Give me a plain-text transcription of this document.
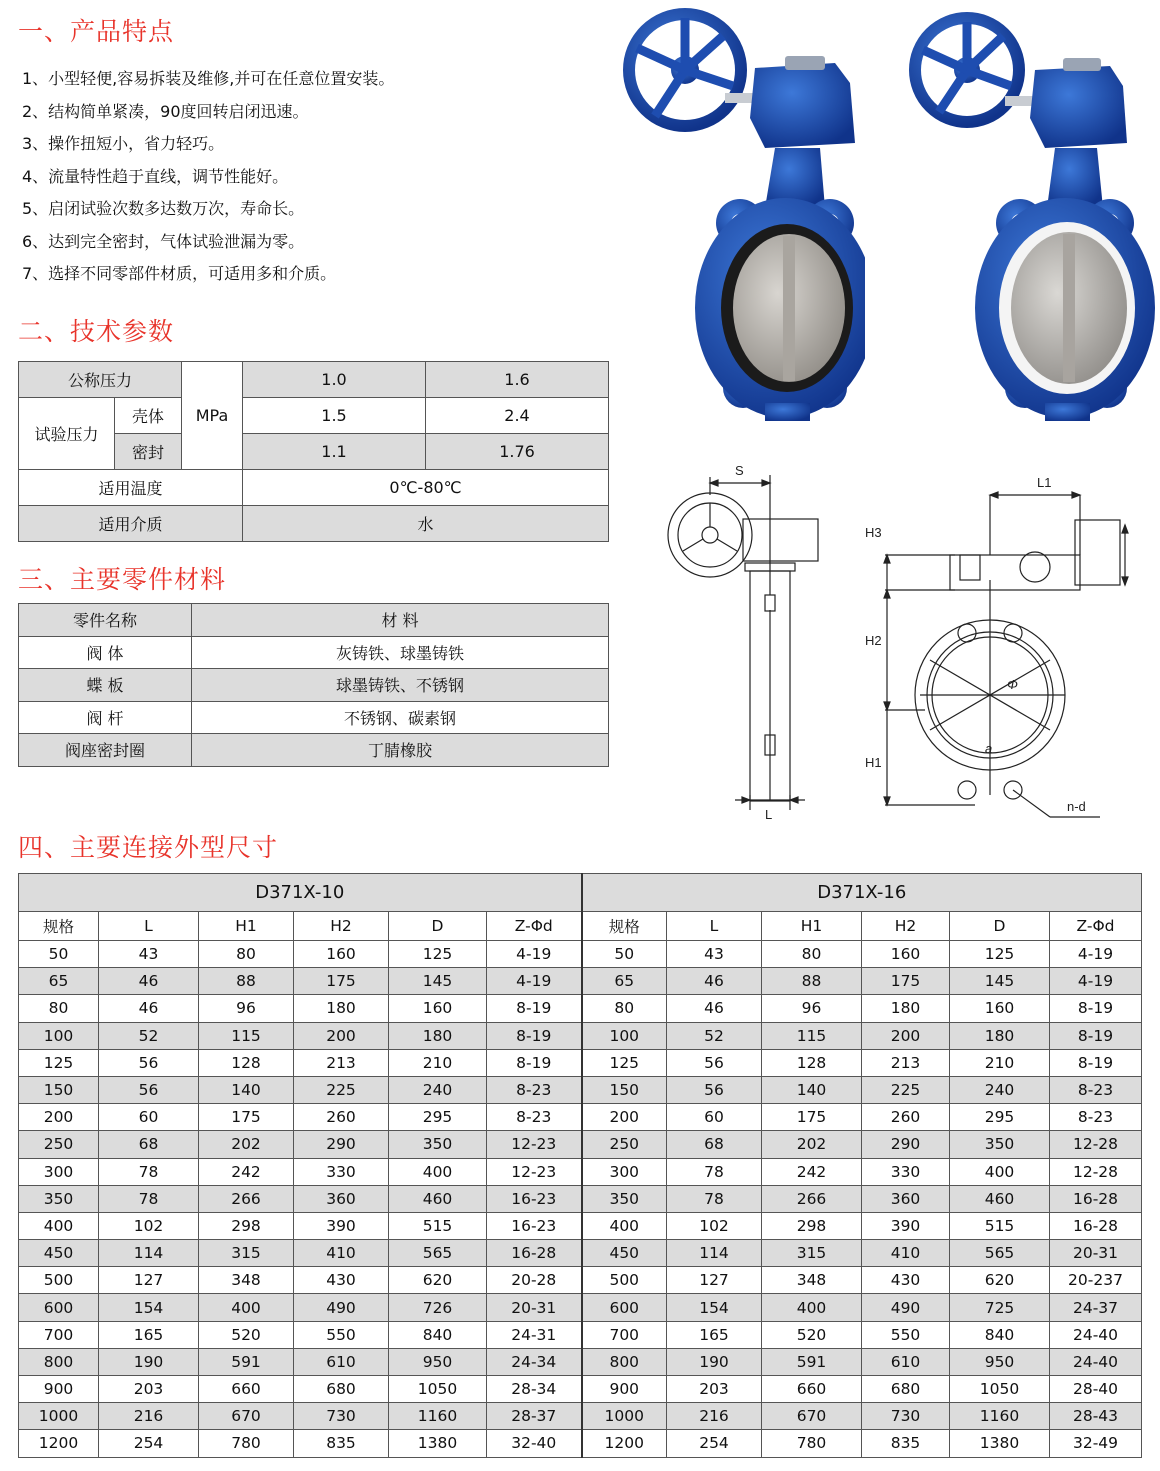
一、产品特点
1、小型轻便,容易拆装及维修,并可在任意位置安装。
2、结构简单紧凑，90度回转启闭迅速。
3、操作扭短小，省力轻巧。
4、流量特性趋于直线，调节性能好。
5、启闭试验次数多达数万次，寿命长。
6、达到完全密封，气体试验泄漏为零。
7、选择不同零部件材质，可适用多和介质。
二、技术参数
公称压力		MPa	1.0	1.6
试验压力	壳体		1.5	2.4
	密封		1.1	1.76
适用温度			0℃-80℃	
适用介质			水	
三、主要零件材料
零件名称	材 料
阀 体	灰铸铁、球墨铸铁
蝶 板	球墨铸铁、不锈钢
阀 杆	不锈钢、碳素钢
阀座密封圈	丁腈橡胶
四、主要连接外型尺寸
D371X-10						D371X-16					
规格	L	H1	H2	D	Z-Φd	规格	L	H1	H2	D	Z-Φd
50	43	80	160	125	4-19	50	43	80	160	125	4-19
65	46	88	175	145	4-19	65	46	88	175	145	4-19
80	46	96	180	160	8-19	80	46	96	180	160	8-19
100	52	115	200	180	8-19	100	52	115	200	180	8-19
125	56	128	213	210	8-19	125	56	128	213	210	8-19
150	56	140	225	240	8-23	150	56	140	225	240	8-23
200	60	175	260	295	8-23	200	60	175	260	295	8-23
250	68	202	290	350	12-23	250	68	202	290	350	12-28
300	78	242	330	400	12-23	300	78	242	330	400	12-28
350	78	266	360	460	16-23	350	78	266	360	460	16-28
400	102	298	390	515	16-23	400	102	298	390	515	16-28
450	114	315	410	565	16-28	450	114	315	410	565	20-31
500	127	348	430	620	20-28	500	127	348	430	620	20-237
600	154	400	490	726	20-31	600	154	400	490	725	24-37
700	165	520	550	840	24-31	700	165	520	550	840	24-40
800	190	591	610	950	24-34	800	190	591	610	950	24-40
900	203	660	680	1050	28-34	900	203	660	680	1050	28-40
1000	216	670	730	1160	28-37	1000	216	670	730	1160	28-43
1200	254	780	835	1380	32-40	1200	254	780	835	1380	32-49
S
L
L1
H3
H2
H1
n-d
Φ
a
